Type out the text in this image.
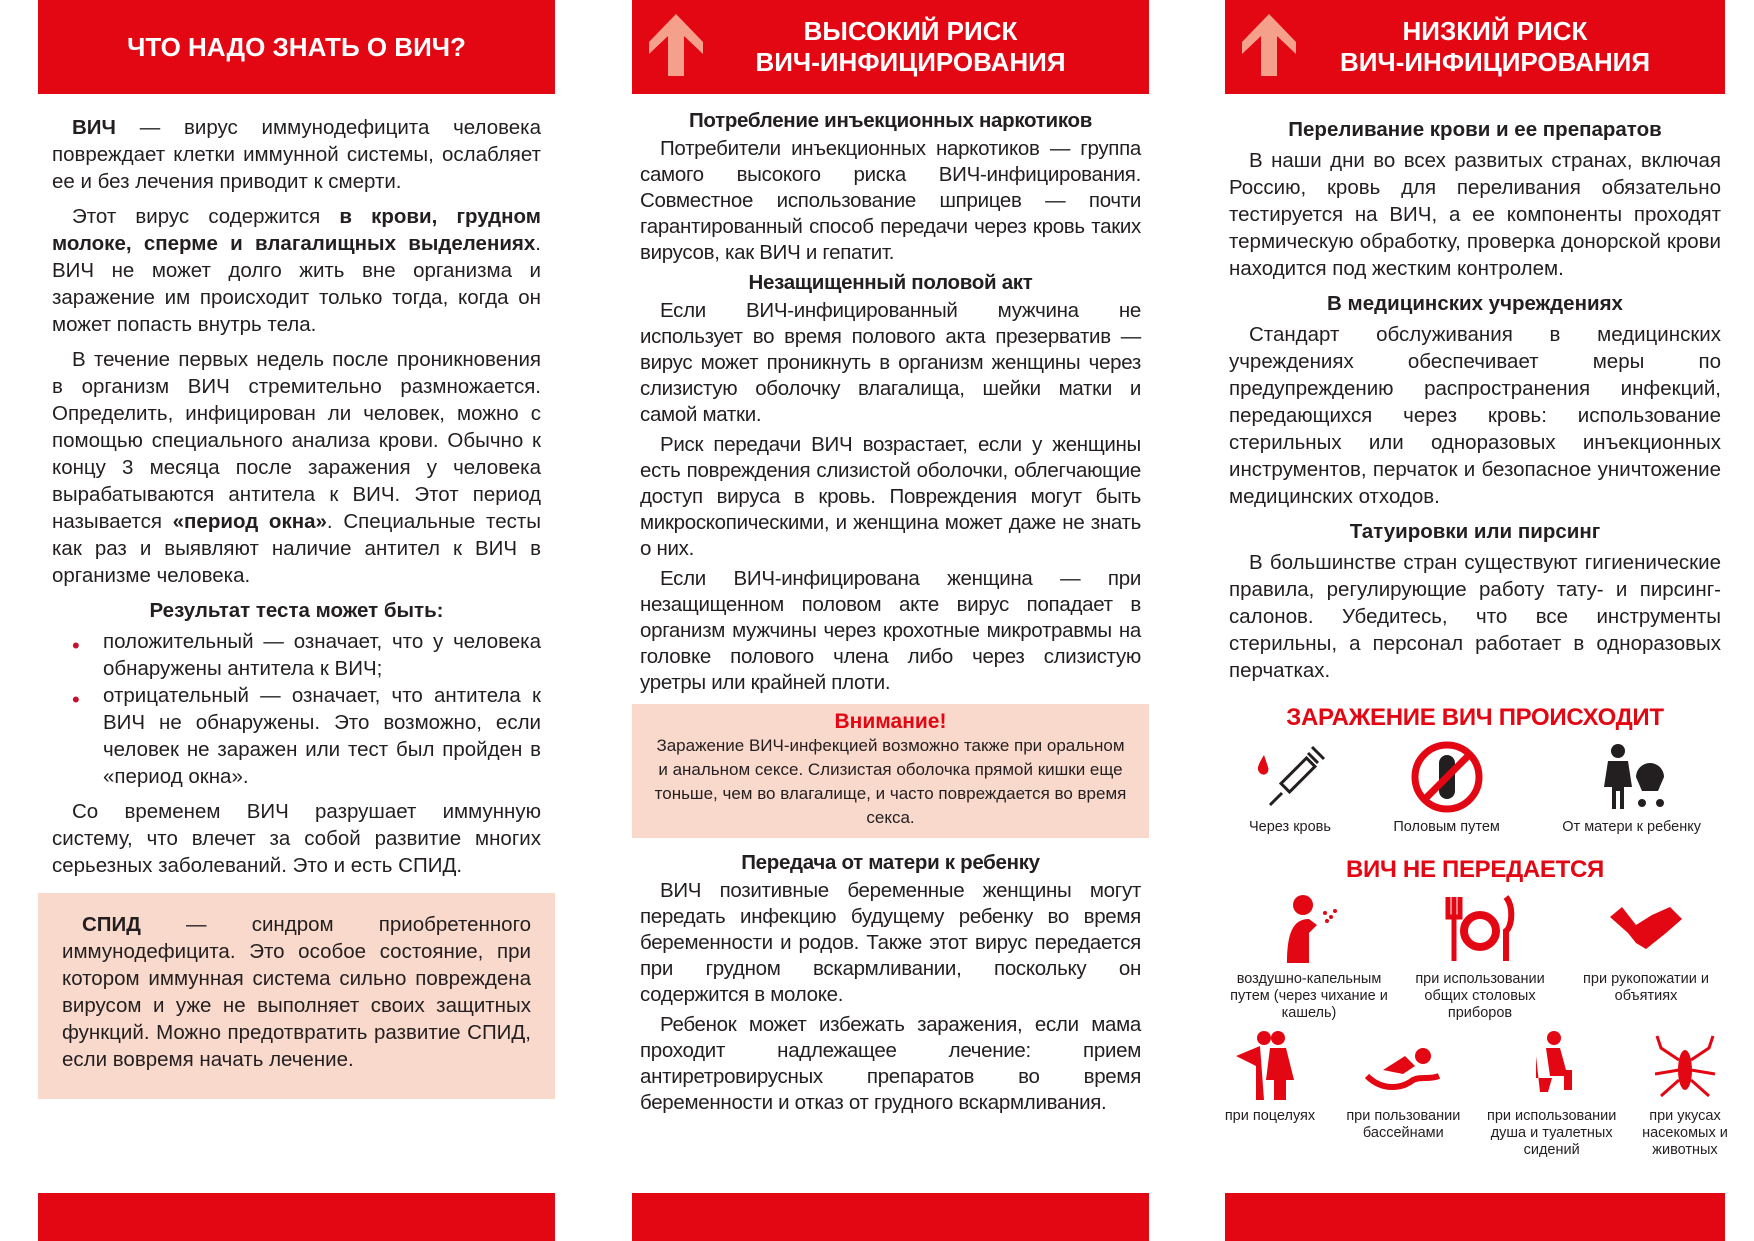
ЧТО НАДО ЗНАТЬ О ВИЧ?

ВИЧ — вирус иммунодефицита человека повреждает клетки иммунной системы, ослабляет ее и без лечения приводит к смерти.

Этот вирус содержится в крови, грудном молоке, сперме и влагалищных выделениях. ВИЧ не может долго жить вне организма и заражение им происходит только тогда, когда он может попасть внутрь тела.

В течение первых недель после проникновения в организм ВИЧ стремительно размножается. Определить, инфицирован ли человек, можно с помощью специального анализа крови. Обычно к концу 3 месяца после заражения у человека вырабатываются антитела к ВИЧ. Этот период называется «период окна». Специальные тесты как раз и выявляют наличие антител к ВИЧ в организме человека.

Результат теста может быть:
• положительный — означает, что у человека обнаружены антитела к ВИЧ;
• отрицательный — означает, что антитела к ВИЧ не обнаружены. Это возможно, если человек не заражен или тест был пройден в «период окна».

Со временем ВИЧ разрушает иммунную систему, что влечет за собой развитие многих серьезных заболеваний. Это и есть СПИД.

СПИД — синдром приобретенного иммунодефицита. Это особое состояние, при котором иммунная система сильно повреждена вирусом и уже не выполняет своих защитных функций. Можно предотвратить развитие СПИД, если вовремя начать лечение.

ВЫСОКИЙ РИСК
ВИЧ-ИНФИЦИРОВАНИЯ
Потребление инъекционных наркотиков

Потребители инъекционных наркотиков — группа самого высокого риска ВИЧ-инфицирования. Совместное использование шприцев — почти гарантированный способ передачи через кровь таких вирусов, как ВИЧ и гепатит.

Незащищенный половой акт

Если ВИЧ-инфицированный мужчина не использует во время полового акта презерватив — вирус может проникнуть в организм женщины через слизистую оболочку влагалища, шейки матки и самой матки.

Риск передачи ВИЧ возрастает, если у женщины есть повреждения слизистой оболочки, облегчающие доступ вируса в кровь. Повреждения могут быть микроскопическими, и женщина может даже не знать о них.

Если ВИЧ-инфицирована женщина — при незащищенном половом акте вирус попадает в организм мужчины через крохотные микротравмы на головке полового члена либо через слизистую уретры или крайней плоти.

Внимание!
Заражение ВИЧ-инфекцией возможно также при оральном и анальном сексе. Слизистая оболочка прямой кишки еще тоньше, чем во влагалище, и часто повреждается во время секса.
Передача от матери к ребенку

ВИЧ позитивные беременные женщины могут передать инфекцию будущему ребенку во время беременности и родов. Также этот вирус передается при грудном вскармливании, поскольку он содержится в молоке.

Ребенок может избежать заражения, если мама проходит надлежащее лечение: прием антиретровирусных препаратов во время беременности и отказ от грудного вскармливания.

НИЗКИЙ РИСК
ВИЧ-ИНФИЦИРОВАНИЯ
Переливание крови и ее препаратов

В наши дни во всех развитых странах, включая Россию, кровь для переливания обязательно тестируется на ВИЧ, а ее компоненты проходят термическую обработку, проверка донорской крови находится под жестким контролем.

В медицинских учреждениях

Стандарт обслуживания в медицинских учреждениях обеспечивает меры по предупреждению распространения инфекций, передающихся через кровь: использование стерильных или одноразовых инъекционных инструментов, перчаток и безопасное уничтожение медицинских отходов.

Татуировки или пирсинг

В большинстве стран существуют гигиенические правила, регулирующие работу тату- и пирсинг-салонов. Убедитесь, что все инструменты стерильны, а персонал работает в одноразовых перчатках.

ЗАРАЖЕНИЕ ВИЧ ПРОИСХОДИТ
Через кровь	Половым путем	От матери к ребенку
ВИЧ НЕ ПЕРЕДАЕТСЯ
воздушно-капельным путем (через чихание и кашель)
при использовании общих столовых приборов
при рукопожатии и объятиях
при поцелуях	при пользовании бассейнами
при использовании душа и туалетных сидений
при укусах насекомых и животных
